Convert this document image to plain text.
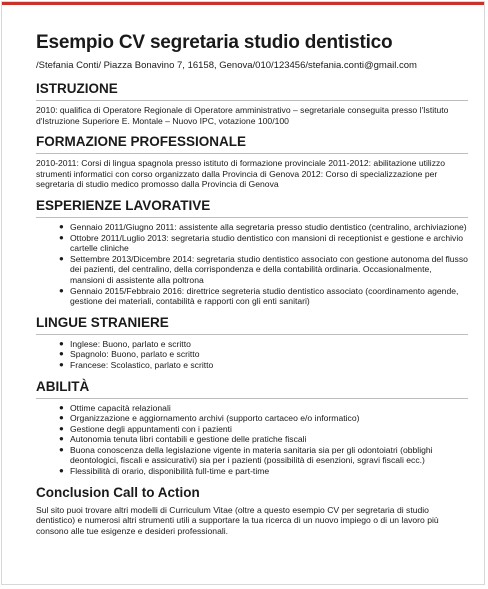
Esempio CV segretaria studio dentistico

/Stefania Conti/ Piazza Bonavino 7, 16158, Genova/010/123456/stefania.conti@gmail.com

ISTRUZIONE

2010: qualifica di Operatore Regionale di Operatore amministrativo – segretariale conseguita presso l'Istituto d'Istruzione Superiore E. Montale – Nuovo IPC, votazione 100/100

FORMAZIONE PROFESSIONALE

2010-2011: Corsi di lingua spagnola presso istituto di formazione provinciale 2011-2012: abilitazione utilizzo strumenti informatici con corso organizzato dalla Provincia di Genova 2012: Corso di specializzazione per segretaria di studio medico promosso dalla Provincia di Genova

ESPERIENZE LAVORATIVE
● Gennaio 2011/Giugno 2011: assistente alla segretaria presso studio dentistico (centralino, archiviazione)
● Ottobre 2011/Luglio 2013: segretaria studio dentistico con mansioni di receptionist e gestione e archivio cartelle cliniche
● Settembre 2013/Dicembre 2014: segretaria studio dentistico associato con gestione autonoma del flusso dei pazienti, del centralino, della corrispondenza e della contabilità ordinaria. Occasionalmente, mansioni di assistente alla poltrona
● Gennaio 2015/Febbraio 2016: direttrice segreteria studio dentistico associato (coordinamento agende, gestione dei materiali, contabilità e rapporti con gli enti sanitari)
LINGUE STRANIERE
● Inglese: Buono, parlato e scritto
● Spagnolo: Buono, parlato e scritto
● Francese: Scolastico, parlato e scritto
ABILITÀ
● Ottime capacità relazionali
● Organizzazione e aggiornamento archivi (supporto cartaceo e/o informatico)
● Gestione degli appuntamenti con i pazienti
● Autonomia tenuta libri contabili e gestione delle pratiche fiscali
● Buona conoscenza della legislazione vigente in materia sanitaria sia per gli odontoiatri (obblighi deontologici, fiscali e assicurativi) sia per i pazienti (possibilità di esenzioni, sgravi fiscali ecc.)
● Flessibilità di orario, disponibilità full-time e part-time
Conclusion Call to Action

Sul sito puoi trovare altri modelli di Curriculum Vitae (oltre a questo esempio CV per segretaria di studio dentistico) e numerosi altri strumenti utili a supportare la tua ricerca di un nuovo impiego o di un lavoro più consono alle tue esigenze e desideri professionali.
